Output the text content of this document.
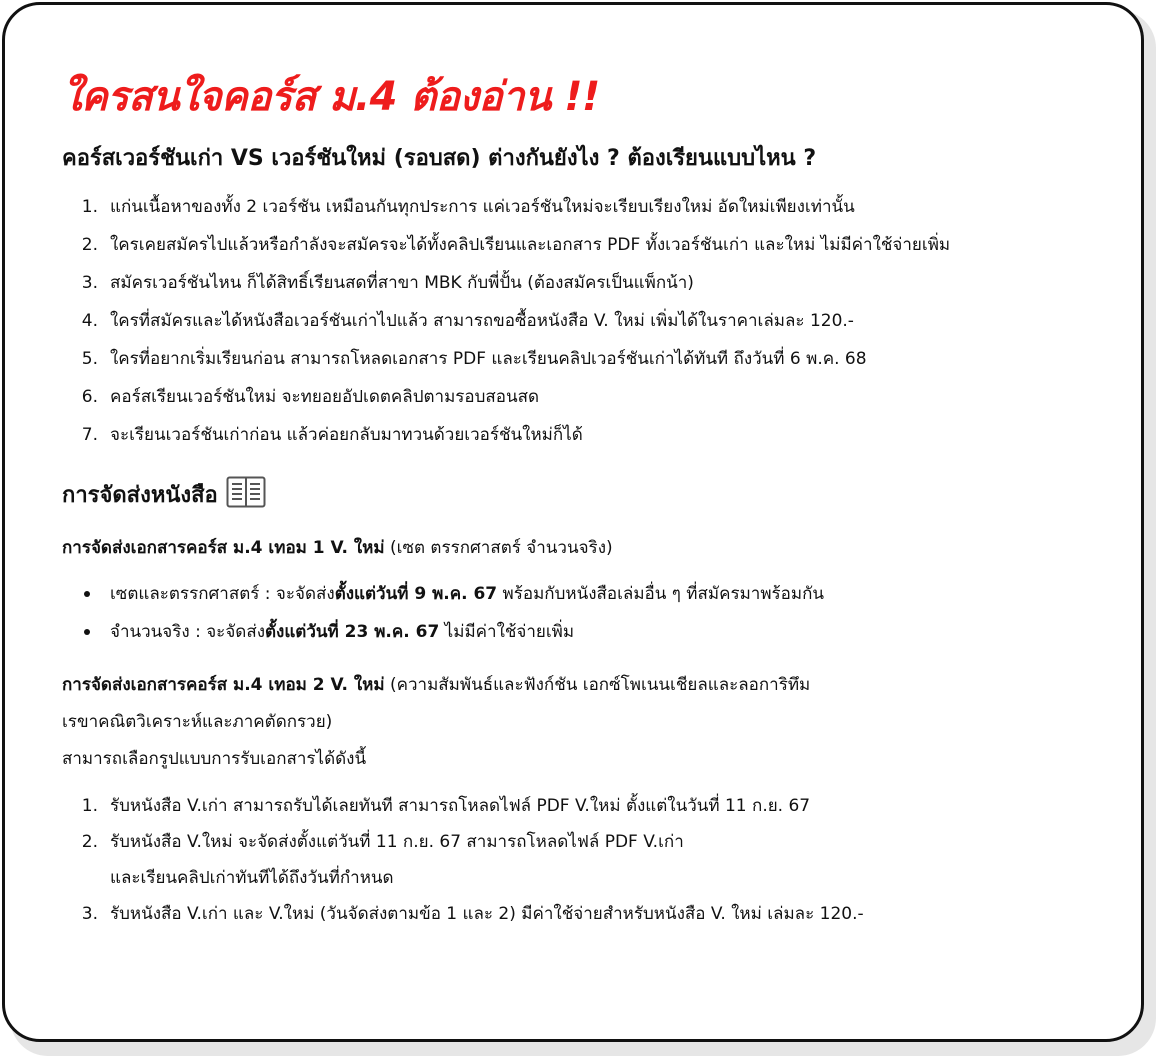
ใครสนใจคอร์ส ม.4 ต้องอ่าน !!
คอร์สเวอร์ชันเก่า VS เวอร์ชันใหม่ (รอบสด) ต่างกันยังไง ? ต้องเรียนแบบไหน ?
1. แก่นเนื้อหาของทั้ง 2 เวอร์ชัน เหมือนกันทุกประการ แค่เวอร์ชันใหม่จะเรียบเรียงใหม่ อัดใหม่เพียงเท่านั้น
2. ใครเคยสมัครไปแล้วหรือกำลังจะสมัครจะได้ทั้งคลิปเรียนและเอกสาร PDF ทั้งเวอร์ชันเก่า และใหม่ ไม่มีค่าใช้จ่ายเพิ่ม
3. สมัครเวอร์ชันไหน ก็ได้สิทธิ์เรียนสดที่สาขา MBK กับพี่ปั้น (ต้องสมัครเป็นแพ็กน้า)
4. ใครที่สมัครและได้หนังสือเวอร์ชันเก่าไปแล้ว สามารถขอซื้อหนังสือ V. ใหม่ เพิ่มได้ในราคาเล่มละ 120.-
5. ใครที่อยากเริ่มเรียนก่อน สามารถโหลดเอกสาร PDF และเรียนคลิปเวอร์ชันเก่าได้ทันที ถึงวันที่ 6 พ.ค. 68
6. คอร์สเรียนเวอร์ชันใหม่ จะทยอยอัปเดตคลิปตามรอบสอนสด
7. จะเรียนเวอร์ชันเก่าก่อน แล้วค่อยกลับมาทวนด้วยเวอร์ชันใหม่ก็ได้
การจัดส่งหนังสือ
การจัดส่งเอกสารคอร์ส ม.4 เทอม 1 V. ใหม่ (เซต ตรรกศาสตร์ จำนวนจริง)
เซตและตรรกศาสตร์ : จะจัดส่งตั้งแต่วันที่ 9 พ.ค. 67 พร้อมกับหนังสือเล่มอื่น ๆ ที่สมัครมาพร้อมกัน
จำนวนจริง : จะจัดส่งตั้งแต่วันที่ 23 พ.ค. 67 ไม่มีค่าใช้จ่ายเพิ่ม
การจัดส่งเอกสารคอร์ส ม.4 เทอม 2 V. ใหม่ (ความสัมพันธ์และฟังก์ชัน เอกซ์โพเนนเชียลและลอการิทึม
เรขาคณิตวิเคราะห์และภาคตัดกรวย)
สามารถเลือกรูปแบบการรับเอกสารได้ดังนี้
1. รับหนังสือ V.เก่า สามารถรับได้เลยทันที สามารถโหลดไฟล์ PDF V.ใหม่ ตั้งแต่ในวันที่ 11 ก.ย. 67
2. รับหนังสือ V.ใหม่ จะจัดส่งตั้งแต่วันที่ 11 ก.ย. 67 สามารถโหลดไฟล์ PDF V.เก่า
และเรียนคลิปเก่าทันทีได้ถึงวันที่กำหนด
3. รับหนังสือ V.เก่า และ V.ใหม่ (วันจัดส่งตามข้อ 1 และ 2) มีค่าใช้จ่ายสำหรับหนังสือ V. ใหม่ เล่มละ 120.-
